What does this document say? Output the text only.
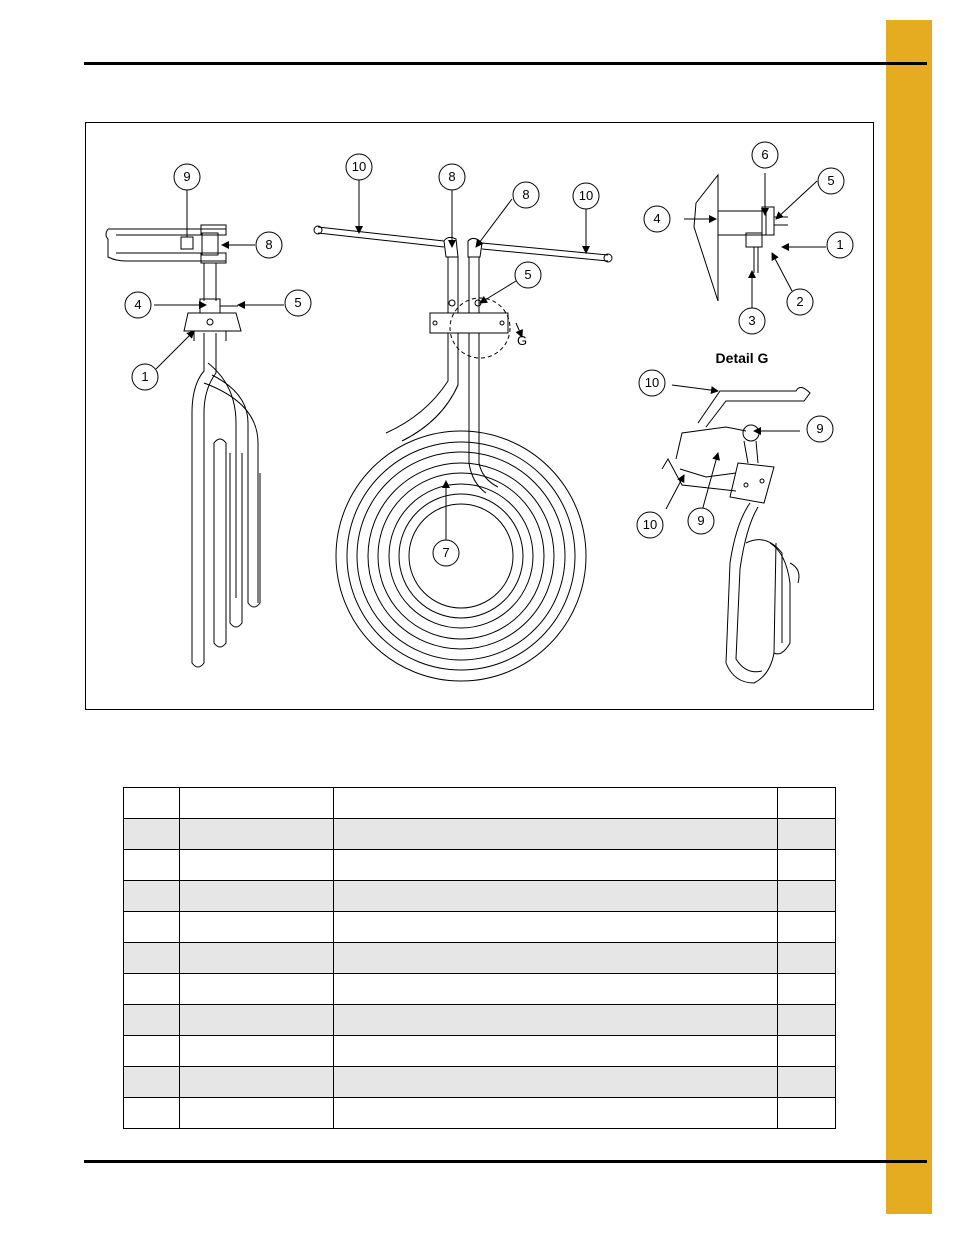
9
8
4	5
1
10
8
8	10
5
7
G
6
5
4
1
2
3
Detail G
10
9
10	9
